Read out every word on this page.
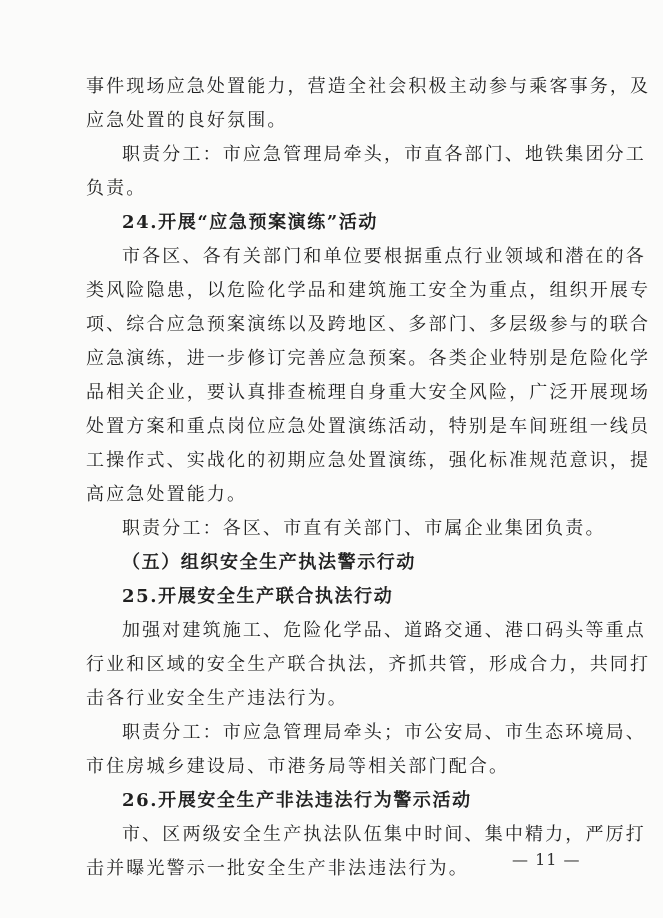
事件现场应急处置能力，营造全社会积极主动参与乘客事务，及
应急处置的良好氛围。
职责分工：市应急管理局牵头，市直各部门、地铁集团分工
负责。
24.开展“应急预案演练”活动
市各区、各有关部门和单位要根据重点行业领域和潜在的各
类风险隐患，以危险化学品和建筑施工安全为重点，组织开展专
项、综合应急预案演练以及跨地区、多部门、多层级参与的联合
应急演练，进一步修订完善应急预案。各类企业特别是危险化学
品相关企业，要认真排查梳理自身重大安全风险，广泛开展现场
处置方案和重点岗位应急处置演练活动，特别是车间班组一线员
工操作式、实战化的初期应急处置演练，强化标准规范意识，提
高应急处置能力。
职责分工：各区、市直有关部门、市属企业集团负责。
（五）组织安全生产执法警示行动
25.开展安全生产联合执法行动
加强对建筑施工、危险化学品、道路交通、港口码头等重点
行业和区域的安全生产联合执法，齐抓共管，形成合力，共同打
击各行业安全生产违法行为。
职责分工：市应急管理局牵头；市公安局、市生态环境局、
市住房城乡建设局、市港务局等相关部门配合。
26.开展安全生产非法违法行为警示活动
市、区两级安全生产执法队伍集中时间、集中精力，严厉打
击并曝光警示一批安全生产非法违法行为。	— 11 —
